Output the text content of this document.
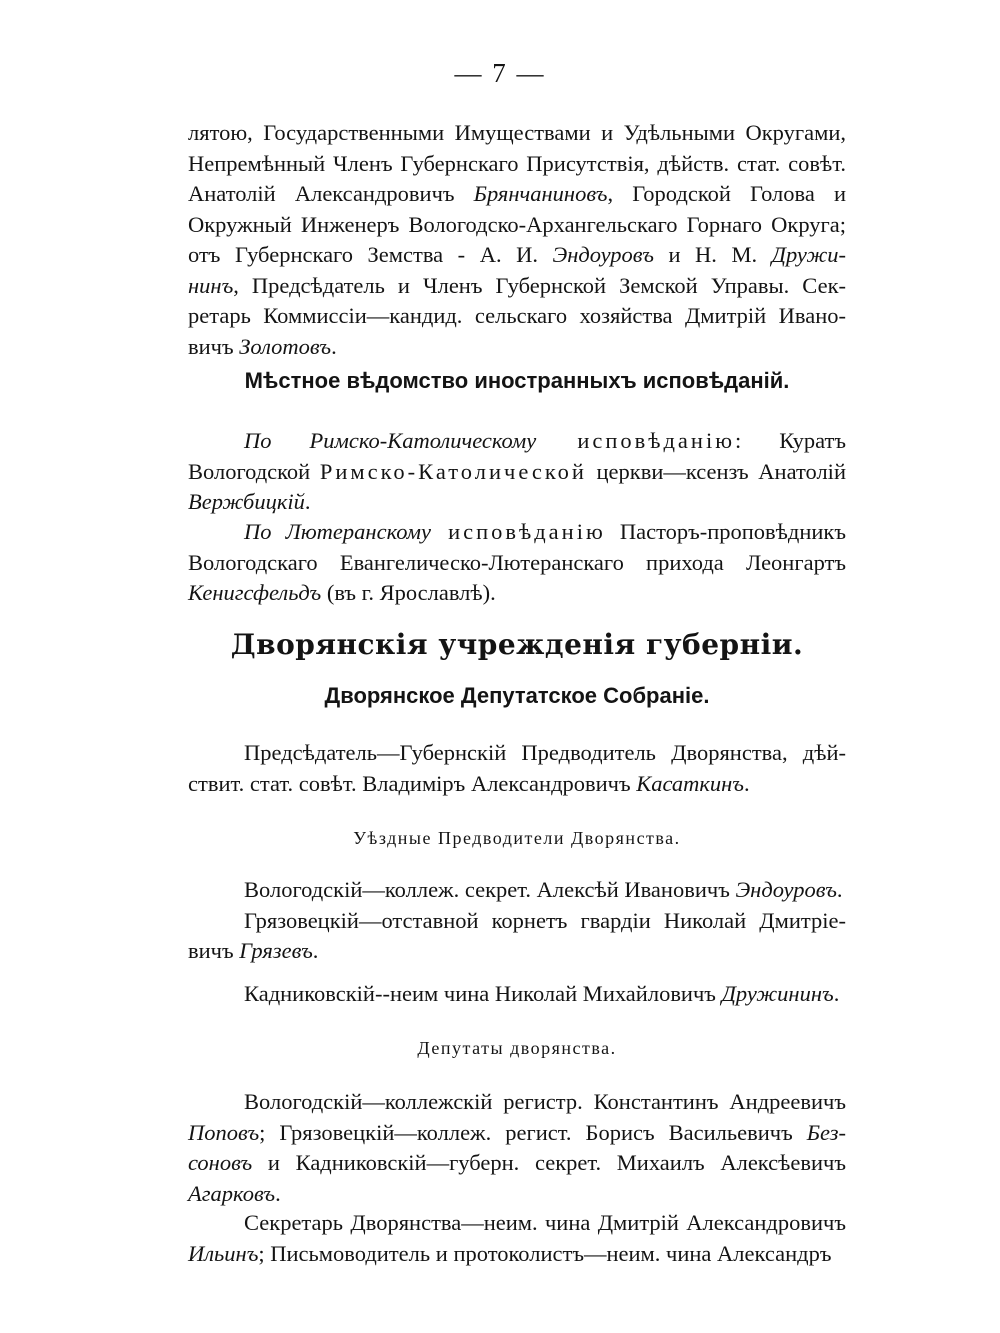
— 7 —

лятою, Государственными Имуществами и Удѣльными Округами,

Непремѣнный Членъ Губернскаго Присутствія, дѣйств. стат. совѣт.

Анатолій Александровичъ Брянчаниновъ, Городской Голова и

Окружный Инженеръ Вологодско-Архангельскаго Горнаго Округа;

отъ Губернскаго Земства - А. И. Эндоуровъ и Н. М. Дружи-

нинъ, Предсѣдатель и Членъ Губернской Земской Управы. Сек-

ретарь Коммиссіи—кандид. сельскаго хозяйства Дмитрій Ивано-

вичъ Золотовъ.

Мѣстное вѣдомство иностранныхъ исповѣданій.

По Римско-Католическому исповѣданію: Куратъ Вологодской Римско-Католической церкви—ксензъ Анатолій Вержбицкій.

По Лютеранскому исповѣданію Пасторъ-проповѣдникъ Вологодскаго Евангелическо-Лютеранскаго прихода Леонгартъ Кенигсфельдъ (въ г. Ярославлѣ).

Дворянскія учрежденія губерніи.

Дворянское Депутатское Собраніе.

Предсѣдатель—Губернскій Предводитель Дворянства, дѣй-ствит. стат. совѣт. Владиміръ Александровичъ Касаткинъ.

Уѣздные Предводители Дворянства.

Вологодскій—коллеж. секрет. Алексѣй Ивановичъ Эндоуровъ.

Грязовецкій—отставной корнетъ гвардіи Николай Дмитріе-вичъ Грязевъ.

Кадниковскій--неим чина Николай Михайловичъ Дружининъ.

Депутаты дворянства.

Вологодскій—коллежскій регистр. Константинъ Андреевичъ Поповъ; Грязовецкій—коллеж. регист. Борисъ Васильевичъ Без-соновъ и Кадниковскій—губерн. секрет. Михаилъ Алексѣевичъ Агарковъ.

Секретарь Дворянства—неим. чина Дмитрій Александровичъ Ильинъ; Письмоводитель и протоколистъ—неим. чина Александръ
